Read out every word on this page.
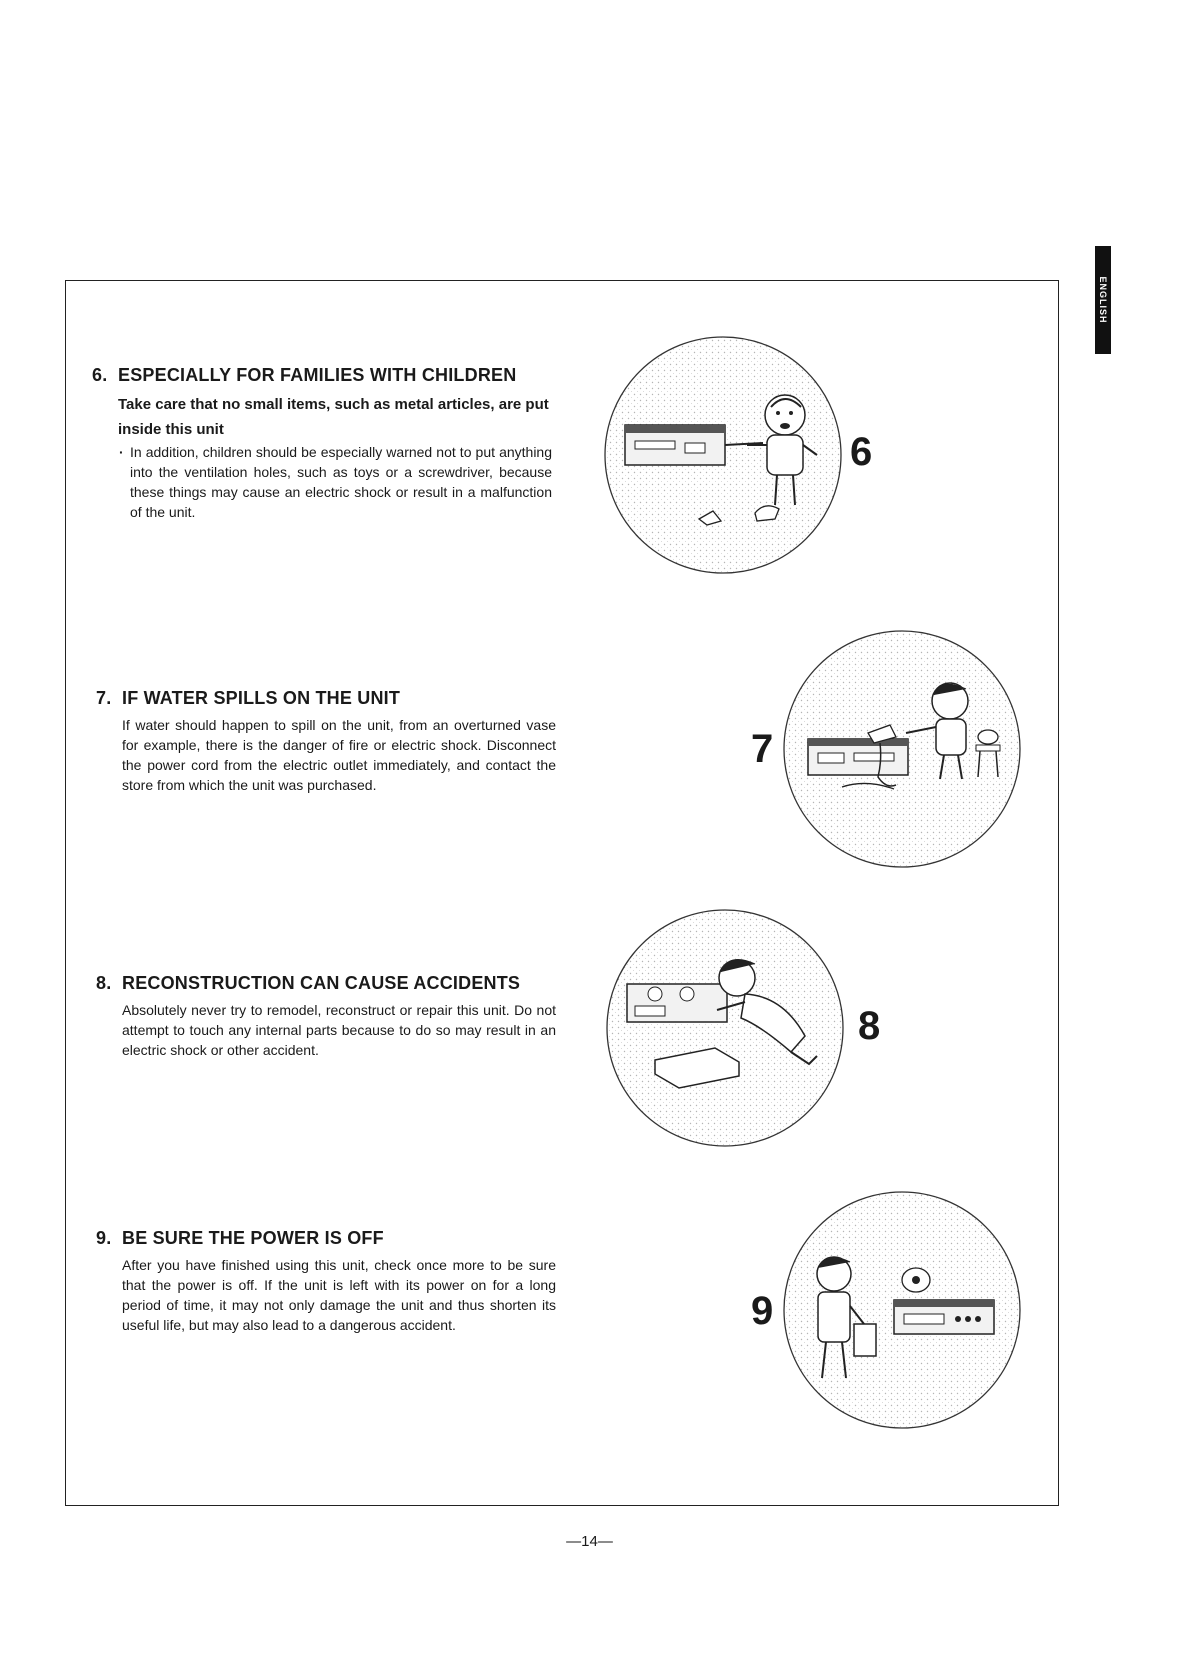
ENGLISH
6. ESPECIALLY FOR FAMILIES WITH CHILDREN
Take care that no small items, such as metal articles, are put inside this unit
· In addition, children should be especially warned not to put anything into the ventilation holes, such as toys or a screwdriver, because these things may cause an electric shock or result in a malfunction of the unit.
6
7. IF WATER SPILLS ON THE UNIT
If water should happen to spill on the unit, from an overturned vase for example, there is the danger of fire or electric shock. Disconnect the power cord from the electric outlet immediately, and contact the store from which the unit was purchased.
7
8. RECONSTRUCTION CAN CAUSE ACCIDENTS
Absolutely never try to remodel, reconstruct or repair this unit. Do not attempt to touch any internal parts because to do so may result in an electric shock or other accident.
8
9. BE SURE THE POWER IS OFF
After you have finished using this unit, check once more to be sure that the power is off. If the unit is left with its power on for a long period of time, it may not only damage the unit and thus shorten its useful life, but may also lead to a dangerous accident.	9
—14—
